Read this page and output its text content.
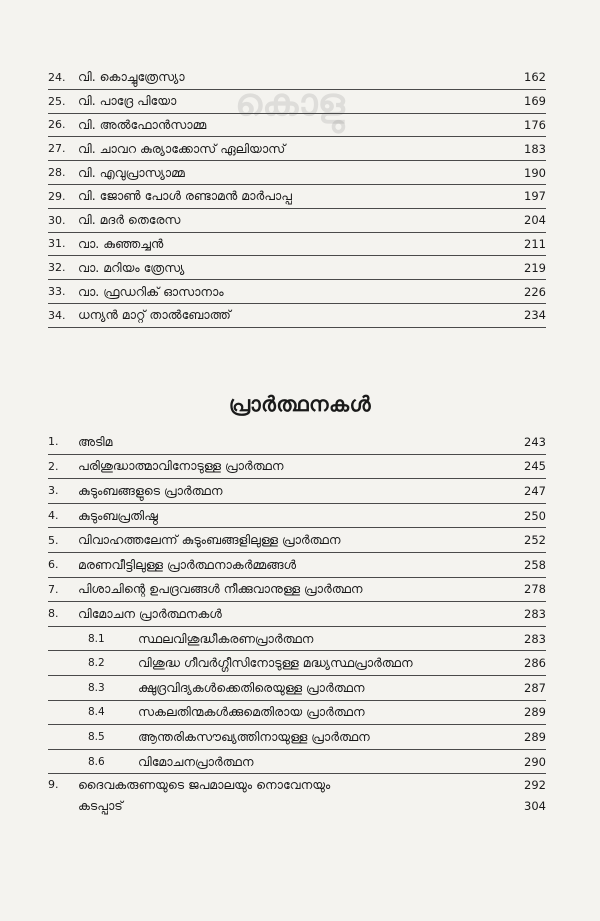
കൊളു
24.	വി. കൊച്ചുത്രേസ്യാ	162
25.	വി. പാദ്രേ പിയോ	169
26.	വി. അൽഫോൻസാമ്മ	176
27.	വി. ചാവറ കുര്യാക്കോസ് ഏലിയാസ്	183
28.	വി. എവുപ്രാസ്യാമ്മ	190
29.	വി. ജോൺ പോൾ രണ്ടാമൻ മാർപാപ്പ	197
30.	വി. മദർ തെരേസ	204
31.	വാ. കുഞ്ഞച്ചൻ	211
32.	വാ. മറിയം ത്രേസ്യ	219
33.	വാ. ഫ്രഡറിക് ഓസാനാം	226
34.	ധന്യൻ മാറ്റ് താൽബോത്ത്	234
പ്രാർത്ഥനകൾ
1.	അടിമ	243
2.	പരിശുദ്ധാത്മാവിനോടുള്ള പ്രാർത്ഥന	245
3.	കുടുംബങ്ങളുടെ പ്രാർത്ഥന	247
4.	കുടുംബപ്രതിഷ്ഠ	250
5.	വിവാഹത്തലേന്ന് കുടുംബങ്ങളിലുള്ള പ്രാർത്ഥന	252
6.	മരണവീട്ടിലുള്ള പ്രാർത്ഥനാകർമ്മങ്ങൾ	258
7.	പിശാചിന്റെ ഉപദ്രവങ്ങൾ നീക്കുവാനുള്ള പ്രാർത്ഥന	278
8.	വിമോചന പ്രാർത്ഥനകൾ	283
8.1	സ്ഥലവിശുദ്ധീകരണപ്രാർത്ഥന	283
8.2	വിശുദ്ധ ഗീവർഗ്ഗീസിനോടുള്ള മദ്ധ്യസ്ഥപ്രാർത്ഥന	286
8.3	ക്ഷുദ്രവിദ്യകൾക്കെതിരെയുള്ള പ്രാർത്ഥന	287
8.4	സകലതിന്മകൾക്കുമെതിരായ പ്രാർത്ഥന	289
8.5	ആന്തരികസൗഖ്യത്തിനായുള്ള പ്രാർത്ഥന	289
8.6	വിമോചനപ്രാർത്ഥന	290
9.	ദൈവകരുണയുടെ ജപമാലയും നൊവേനയും	292
കടപ്പാട്	304
